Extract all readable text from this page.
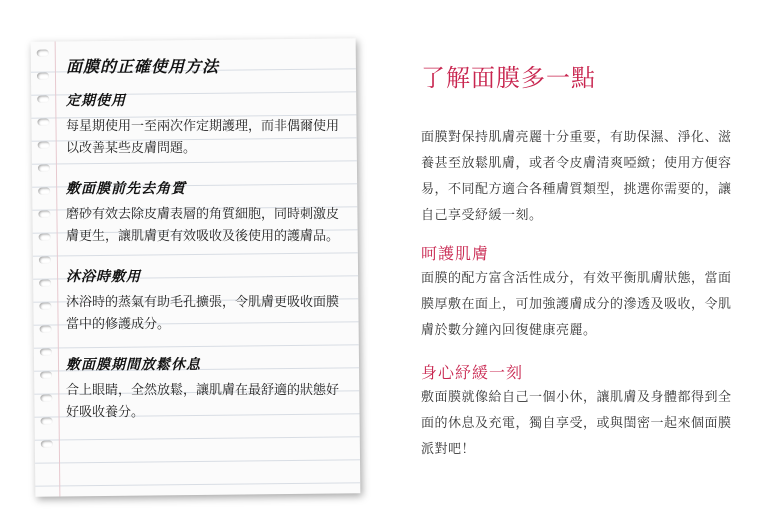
面膜的正確使用方法
定期使用

每星期使用一至兩次作定期護理，而非偶爾使用以改善某些皮膚問題。

敷面膜前先去角質

磨砂有效去除皮膚表層的角質細胞，同時刺激皮膚更生，讓肌膚更有效吸收及後使用的護膚品。

沐浴時敷用

沐浴時的蒸氣有助毛孔擴張，令肌膚更吸收面膜當中的修護成分。

敷面膜期間放鬆休息

合上眼睛，全然放鬆，讓肌膚在最舒適的狀態好好吸收養分。

了解面膜多一點

面膜對保持肌膚亮麗十分重要，有助保濕、淨化、滋養甚至放鬆肌膚，或者令皮膚清爽啞緻；使用方便容易，不同配方適合各種膚質類型，挑選你需要的，讓自己享受紓緩一刻。

呵護肌膚

面膜的配方富含活性成分，有效平衡肌膚狀態，當面膜厚敷在面上，可加強護膚成分的滲透及吸收，令肌膚於數分鐘內回復健康亮麗。

身心紓緩一刻

敷面膜就像給自己一個小休，讓肌膚及身體都得到全面的休息及充電，獨自享受，或與閨密一起來個面膜派對吧！
